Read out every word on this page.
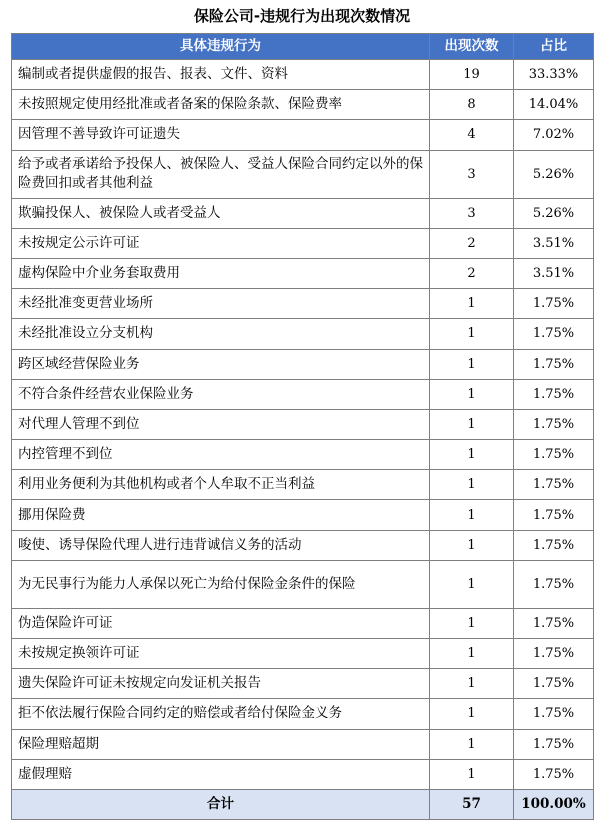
保险公司-违规行为出现次数情况
具体违规行为	出现次数	占比
编制或者提供虚假的报告、报表、文件、资料	19	33.33%
未按照规定使用经批准或者备案的保险条款、保险费率	8	14.04%
因管理不善导致许可证遗失	4	7.02%
给予或者承诺给予投保人、被保险人、受益人保险合同约定以外的保险费回扣或者其他利益	3	5.26%
欺骗投保人、被保险人或者受益人	3	5.26%
未按规定公示许可证	2	3.51%
虚构保险中介业务套取费用	2	3.51%
未经批准变更营业场所	1	1.75%
未经批准设立分支机构	1	1.75%
跨区域经营保险业务	1	1.75%
不符合条件经营农业保险业务	1	1.75%
对代理人管理不到位	1	1.75%
内控管理不到位	1	1.75%
利用业务便利为其他机构或者个人牟取不正当利益	1	1.75%
挪用保险费	1	1.75%
唆使、诱导保险代理人进行违背诚信义务的活动	1	1.75%
为无民事行为能力人承保以死亡为给付保险金条件的保险	1	1.75%
伪造保险许可证	1	1.75%
未按规定换领许可证	1	1.75%
遗失保险许可证未按规定向发证机关报告	1	1.75%
拒不依法履行保险合同约定的赔偿或者给付保险金义务	1	1.75%
保险理赔超期	1	1.75%
虚假理赔	1	1.75%
合计	57	100.00%
